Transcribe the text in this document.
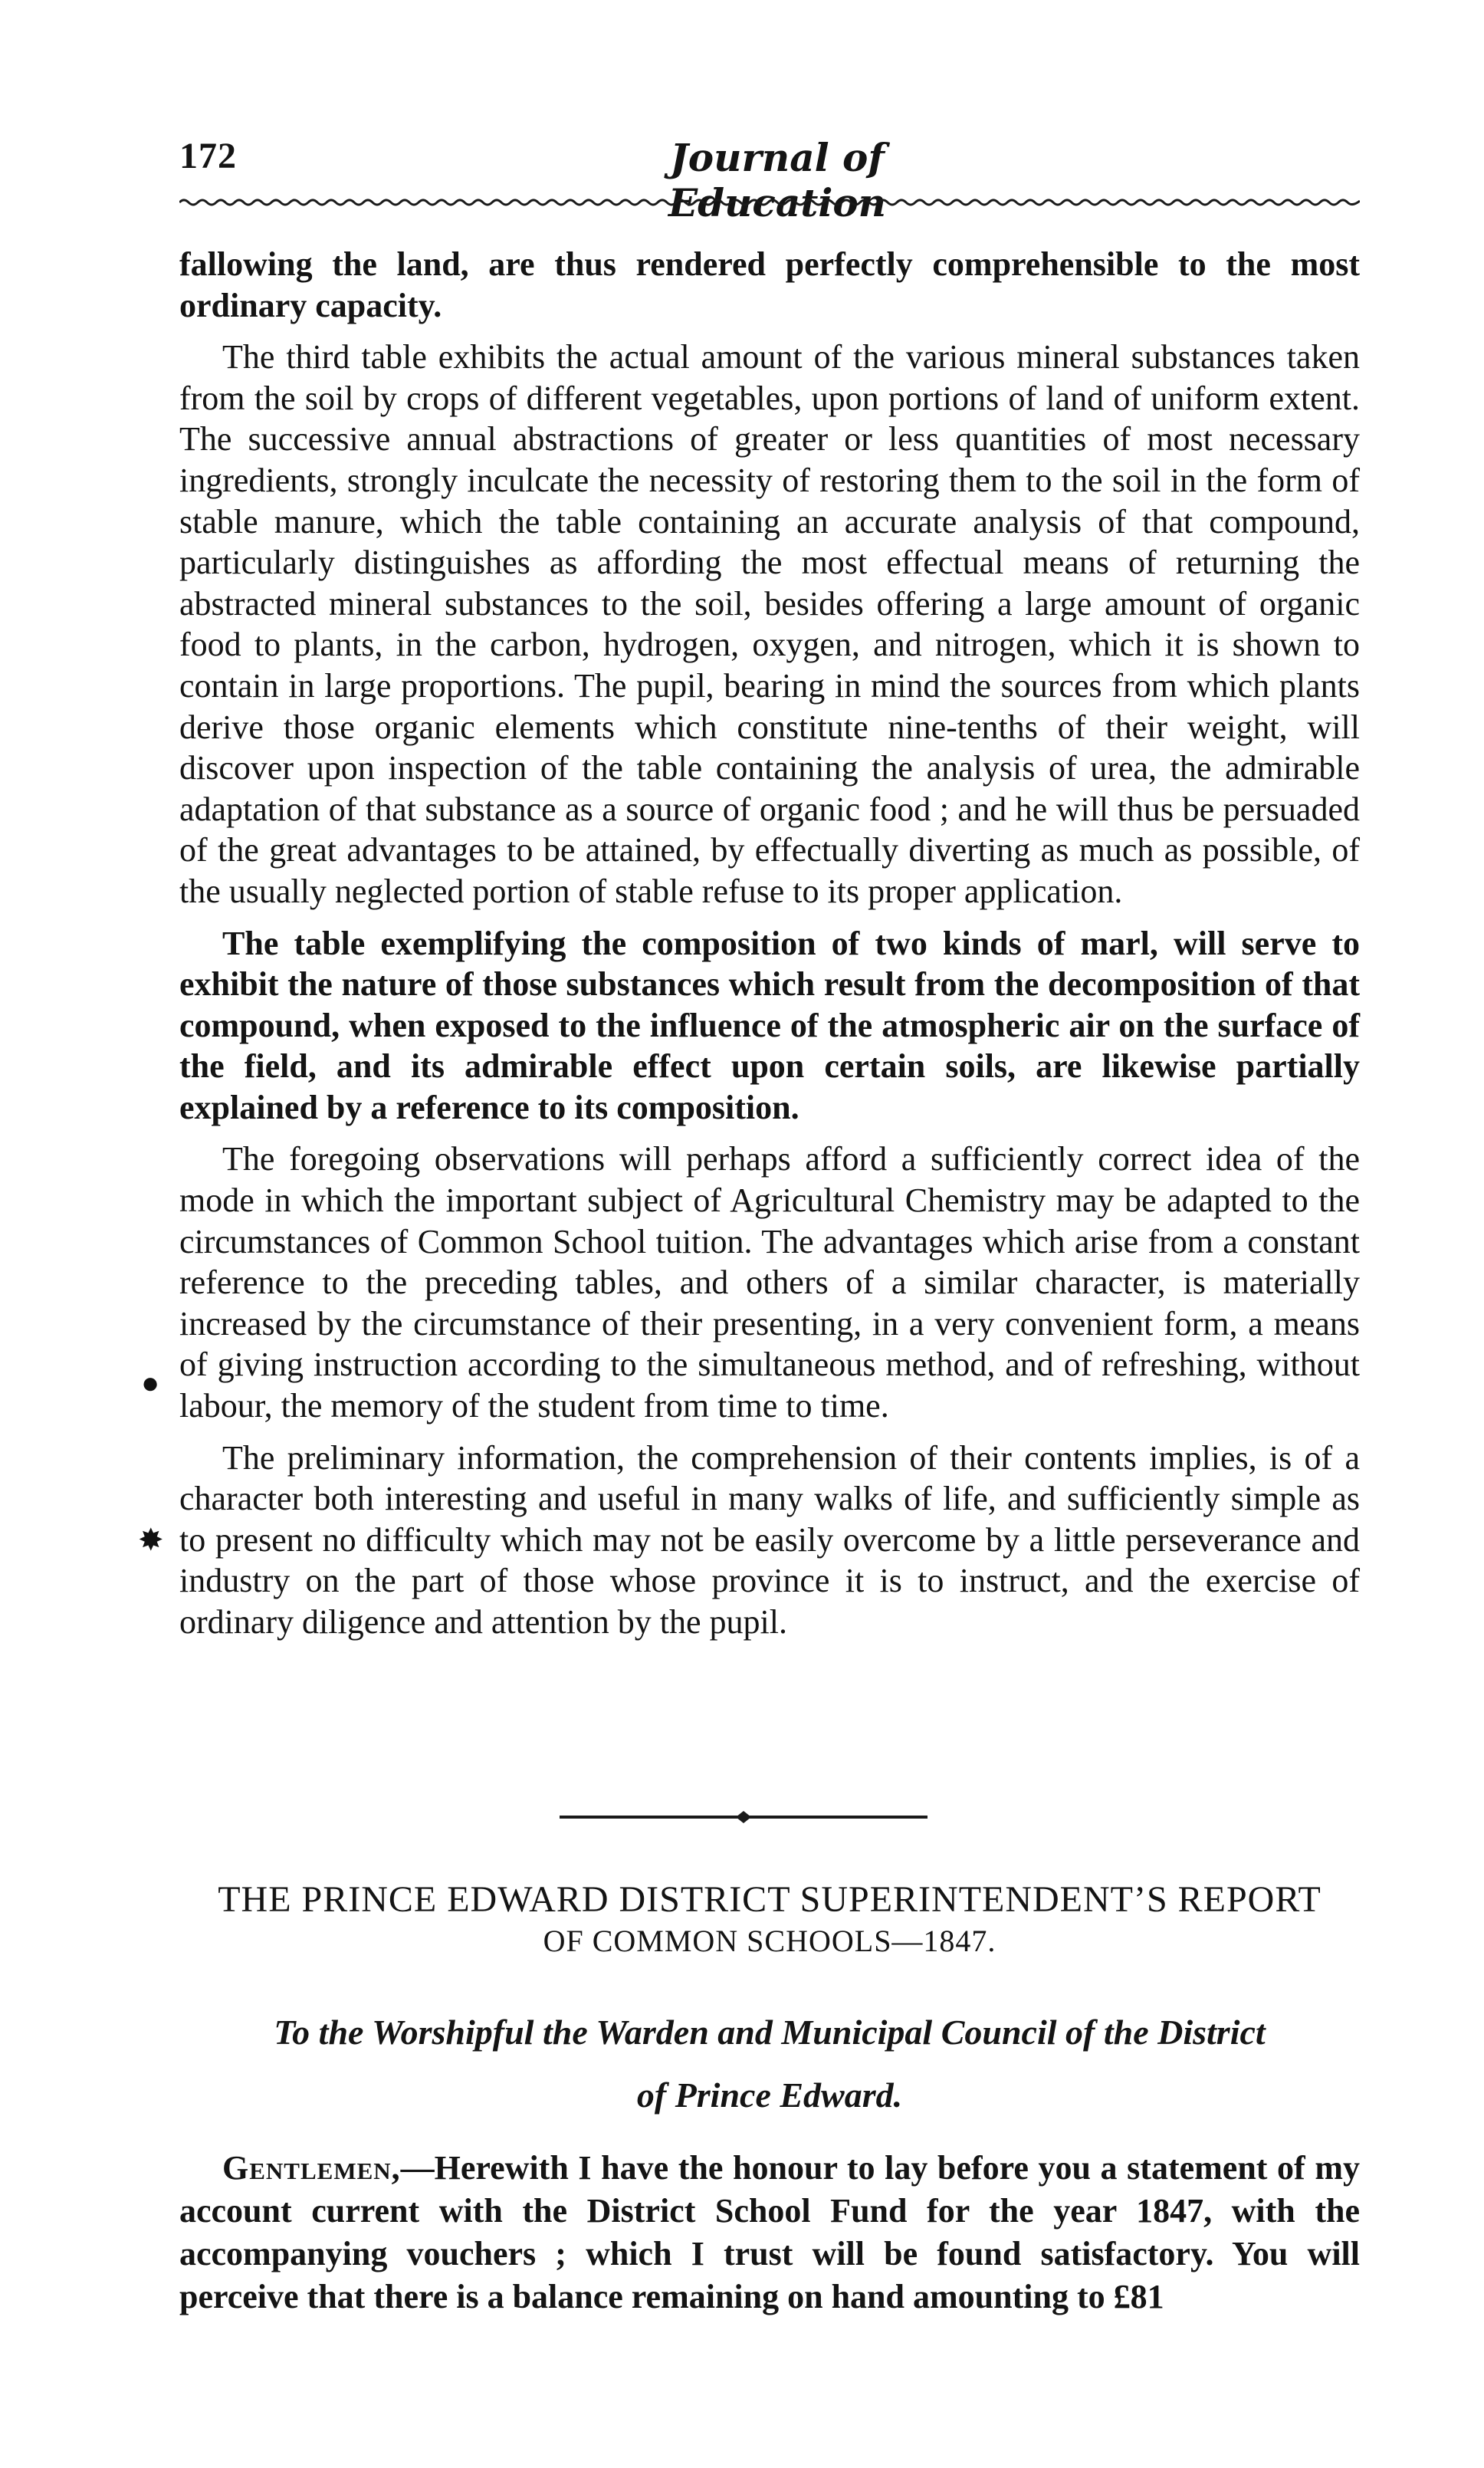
172	Journal of Education

fallowing the land, are thus rendered perfectly comprehensible to the most ordinary capacity.

The third table exhibits the actual amount of the various mineral substances taken from the soil by crops of different vegetables, upon portions of land of uniform extent. The successive annual abstractions of greater or less quantities of most necessary ingredients, strongly inculcate the necessity of restoring them to the soil in the form of stable manure, which the table containing an accurate analysis of that compound, particularly distinguishes as affording the most effectual means of returning the abstracted mineral substances to the soil, besides offering a large amount of organic food to plants, in the carbon, hydrogen, oxygen, and nitrogen, which it is shown to contain in large proportions. The pupil, bearing in mind the sources from which plants derive those organic elements which constitute nine-tenths of their weight, will discover upon inspection of the table containing the analysis of urea, the admirable adaptation of that substance as a source of organic food ; and he will thus be persuaded of the great advantages to be attained, by effectually diverting as much as possible, of the usually neglected portion of stable refuse to its proper application.

The table exemplifying the composition of two kinds of marl, will serve to exhibit the nature of those substances which result from the decomposition of that compound, when exposed to the influence of the atmospheric air on the surface of the field, and its admirable effect upon certain soils, are likewise partially explained by a reference to its composition.

The foregoing observations will perhaps afford a sufficiently correct idea of the mode in which the important subject of Agricultural Chemistry may be adapted to the circumstances of Common School tuition. The advantages which arise from a constant reference to the preceding tables, and others of a similar character, is materially increased by the circumstance of their presenting, in a very convenient form, a means of giving instruction according to the simultaneous method, and of refreshing, without labour, the memory of the student from time to time.

The preliminary information, the comprehension of their contents implies, is of a character both interesting and useful in many walks of life, and sufficiently simple as to present no difficulty which may not be easily overcome by a little perseverance and industry on the part of those whose province it is to instruct, and the exercise of ordinary diligence and attention by the pupil.

●
✸
THE PRINCE EDWARD DISTRICT SUPERINTENDENT’S REPORT
OF COMMON SCHOOLS—1847.
To the Worshipful the Warden and Municipal Council of the District
of Prince Edward.

Gentlemen,—Herewith I have the honour to lay before you a statement of my account current with the District School Fund for the year 1847, with the accompanying vouchers ; which I trust will be found satisfactory. You will perceive that there is a balance remaining on hand amounting to £81
